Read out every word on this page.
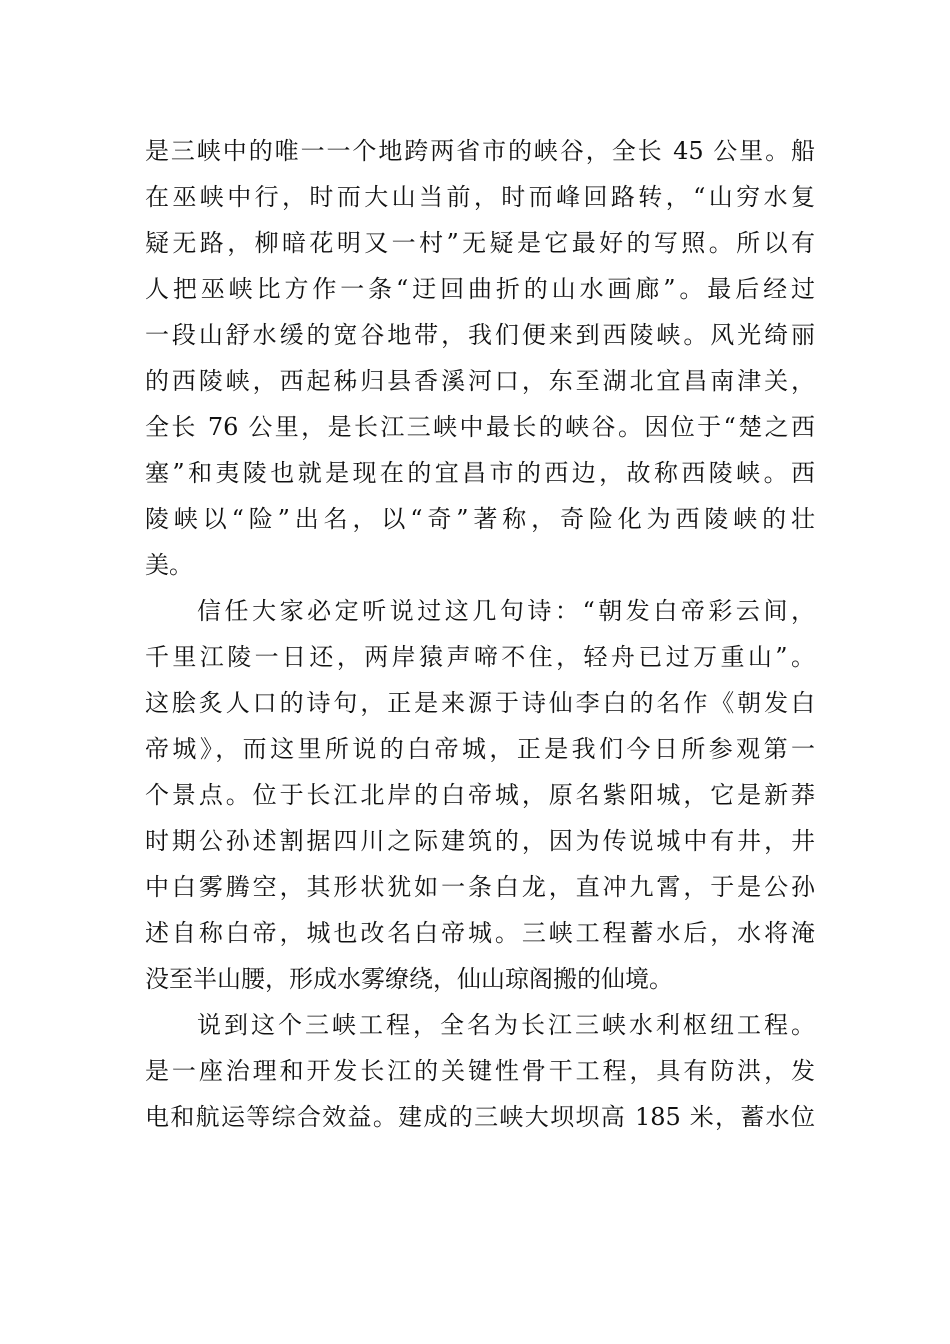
是三峡中的唯一一个地跨两省市的峡谷，全长 45 公里。船
在巫峡中行，时而大山当前，时而峰回路转，“山穷水复
疑无路，柳暗花明又一村”无疑是它最好的写照。所以有
人把巫峡比方作一条“迂回曲折的山水画廊”。最后经过
一段山舒水缓的宽谷地带，我们便来到西陵峡。风光绮丽
的西陵峡，西起秭归县香溪河口，东至湖北宜昌南津关，
全长 76 公里，是长江三峡中最长的峡谷。因位于“楚之西
塞”和夷陵也就是现在的宜昌市的西边，故称西陵峡。西
陵峡以“险”出名，以“奇”著称，奇险化为西陵峡的壮
美。
信任大家必定听说过这几句诗：“朝发白帝彩云间，
千里江陵一日还，两岸猿声啼不住，轻舟已过万重山”。
这脍炙人口的诗句，正是来源于诗仙李白的名作《朝发白
帝城》，而这里所说的白帝城，正是我们今日所参观第一
个景点。位于长江北岸的白帝城，原名紫阳城，它是新莽
时期公孙述割据四川之际建筑的，因为传说城中有井，井
中白雾腾空，其形状犹如一条白龙，直冲九霄，于是公孙
述自称白帝，城也改名白帝城。三峡工程蓄水后，水将淹
没至半山腰，形成水雾缭绕，仙山琼阁搬的仙境。
说到这个三峡工程，全名为长江三峡水利枢纽工程。
是一座治理和开发长江的关键性骨干工程，具有防洪，发
电和航运等综合效益。建成的三峡大坝坝高 185 米，蓄水位
